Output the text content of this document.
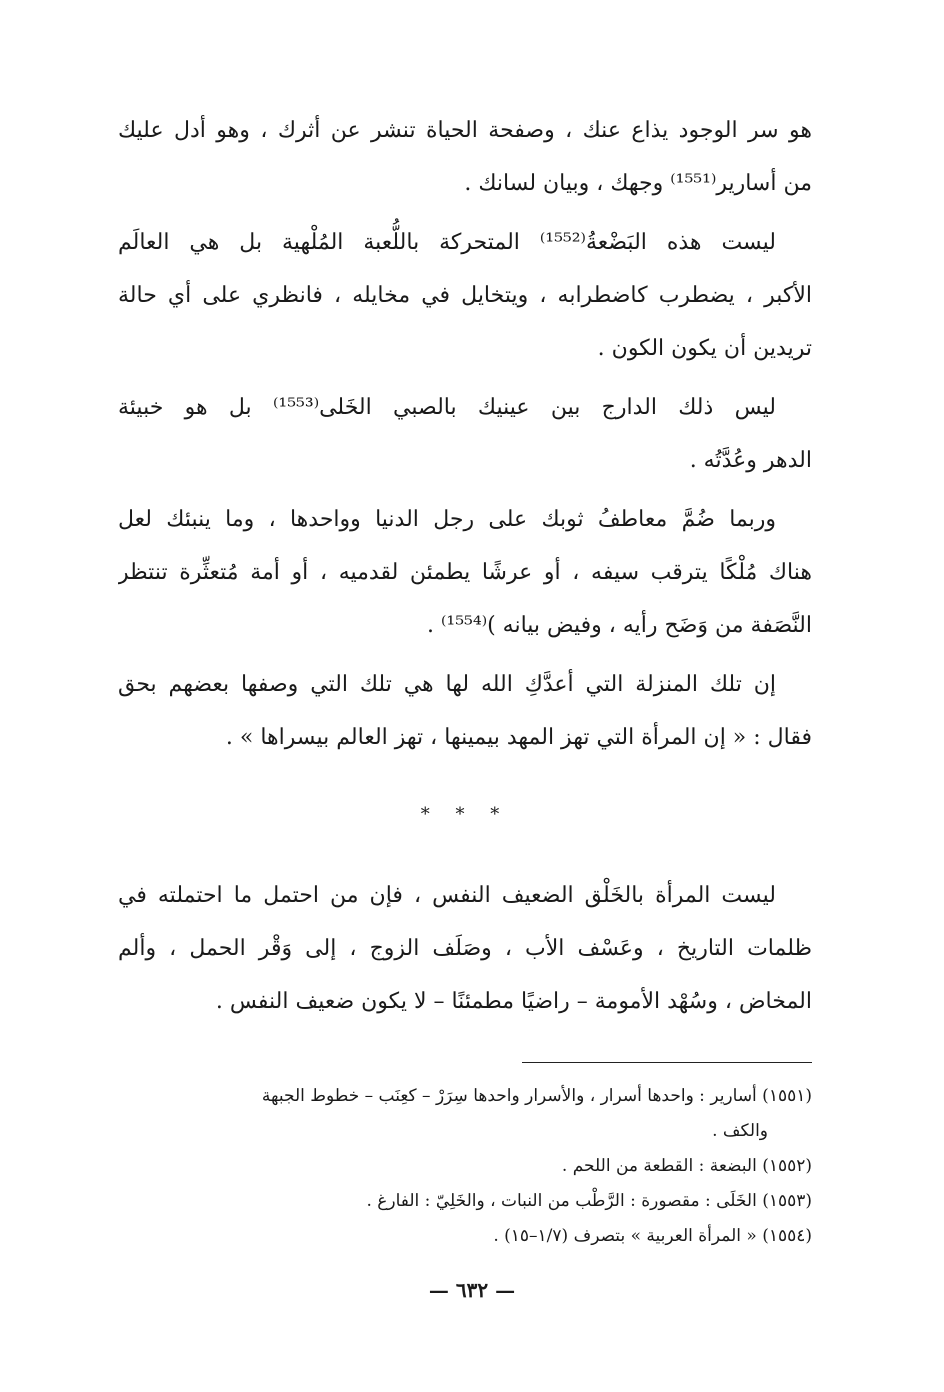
هو سر الوجود يذاع عنك ، وصفحة الحياة تنشر عن أثرك ، وهو أدل عليك
من أسارير⁽¹⁵⁵¹⁾ وجهك ، وبيان لسانك .
ليست هذه البَضْعةُ⁽¹⁵⁵²⁾ المتحركة باللُّعبة المُلْهية بل هي العالَم
الأكبر ، يضطرب كاضطرابه ، ويتخايل في مخايله ، فانظري على أي حالة
تريدين أن يكون الكون .
ليس ذلك الدارج بين عينيك بالصبي الخَلى⁽¹⁵⁵³⁾ بل هو خبيئة
الدهر وعُدَّتُه .
وربما ضُمَّ معاطفُ ثوبك على رجل الدنيا وواحدها ، وما ينبئك لعل
هناك مُلْكًا يترقب سيفه ، أو عرشًا يطمئن لقدميه ، أو أمة مُتعثِّرة تنتظر
النَّصَفة من وَضَح رأيه ، وفيض بيانه )⁽¹⁵⁵⁴⁾ .
إن تلك المنزلة التي أعدَّكِ الله لها هي تلك التي وصفها بعضهم بحق
فقال : « إن المرأة التي تهز المهد بيمينها ، تهز العالم بيسراها » .
* * *
ليست المرأة بالخَلْق الضعيف النفس ، فإن من احتمل ما احتملته في
ظلمات التاريخ ، وعَسْف الأب ، وصَلَف الزوج ، إلى وَقْر الحمل ، وألم
المخاض ، وسُهْد الأمومة – راضيًا مطمئنًا – لا يكون ضعيف النفس .
(١٥٥١) أسارير : واحدها أسرار ، والأسرار واحدها سِرَرْ – كعِنَب – خطوط الجبهة
والكف .
(١٥٥٢) البضعة : القطعة من اللحم .
(١٥٥٣) الخَلَى : مقصورة : الرَّطْب من النبات ، والخَلِيّ : الفارغ .
(١٥٥٤) « المرأة العربية » بتصرف (١/٧–١٥) .
— ٦٣٢ —
